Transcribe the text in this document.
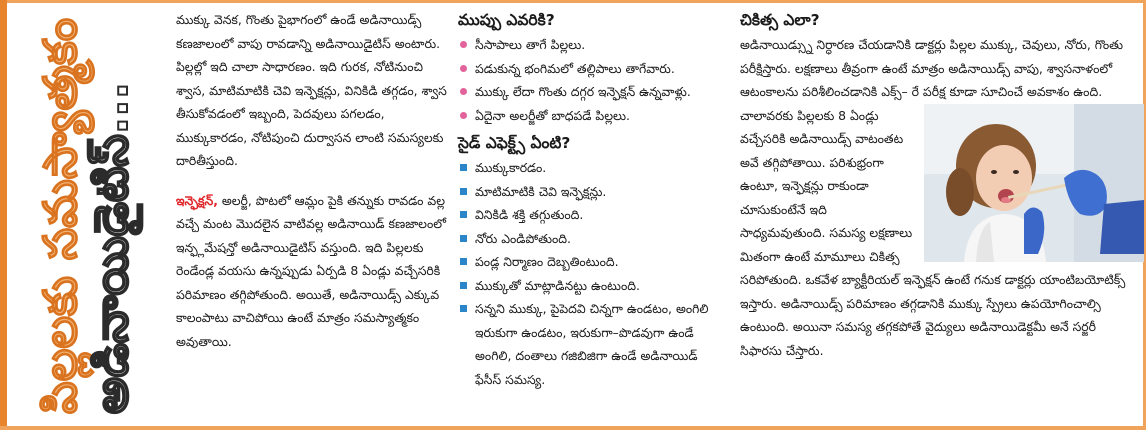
పిల్లలకు సమస్యాత్మకం
అడినాయిడైటిస్...

ముక్కు వెనక, గొంతు పైభాగంలో ఉండే అడినాయిడ్స్ కణజాలంలో వాపు రావడాన్ని అడినాయిడైటిస్ అంటారు. పిల్లల్లో ఇది చాలా సాధారణం. ఇది గురక, నోటినుంచి శ్వాస, మాటిమాటికి చెవి ఇన్ఫెక్షన్లు, వినికిడి తగ్గడం, శ్వాస తీసుకోవడంలో ఇబ్బంది, పెదవులు పగలడం, ముక్కుకారడం, నోటిపుంచి దుర్వాసన లాంటి సమస్యలకు దారితీస్తుంది.

ఇన్ఫెక్షన్, అలర్జీ, పొటలో ఆమ్లం పైకి తన్నుకు రావడం వల్ల వచ్చే మంట మొదలైన వాటివల్ల అడినాయిడ్ కణజాలంలో ఇన్ఫ్లమేషన్తో అడినాయిడైటిస్ వస్తుంది. ఇది పిల్లలకు రెండేండ్ల వయసు ఉన్నప్పుడు ఏర్పడి 8 ఏండ్లు వచ్చేసరికి పరిమాణం తగ్గిపోతుంది. అయితే, అడినాయిడ్స్ ఎక్కువ కాలంపాటు వాచిపోయి ఉంటే మాత్రం సమస్యాత్మకం అవుతాయి.

ముప్పు ఎవరికి?
సీసాపాలు తాగే పిల్లలు.
పడుకున్న భంగిమలో తల్లిపాలు తాగేవారు.
ముక్కు లేదా గొంతు దగ్గర ఇన్ఫెక్షన్ ఉన్నవాళ్లు.
ఏదైనా అలర్జీతో బాధపడే పిల్లలు.
సైడ్ ఎఫెక్ట్స్ ఏంటి?
ముక్కుకారడం.
మాటిమాటికి చెవి ఇన్ఫెక్షన్లు.
వినికిడి శక్తి తగ్గుతుంది.
నోరు ఎండిపోతుంది.
పండ్ల నిర్మాణం దెబ్బతింటుంది.
ముక్కుతో మాట్లాడినట్టు ఉంటుంది.
సన్నని ముక్కు, పైపెదవి చిన్నగా ఉండటం, అంగిలి ఇరుకుగా ఉండటం, ఇరుకుగా–పొడవుగా ఉండే అంగిలి, దంతాలు గజిబిజిగా ఉండే అడినాయిడ్ ఫేసీస్ సమస్య.
చికిత్స ఎలా?

అడినాయిడ్స్ను నిర్ధారణ చేయడానికి డాక్టర్లు పిల్లల ముక్కు, చెవులు, నోరు, గొంతు పరీక్షిస్తారు. లక్షణాలు తీవ్రంగా ఉంటే మాత్రం అడినాయిడ్స్ వాపు, శ్వాసనాళంలో ఆటంకాలను పరిశీలించడానికి ఎక్స్– రే పరీక్ష కూడా సూచించే అవకాశం ఉంది.

చాలావరకు పిల్లలకు 8 ఏండ్లు వచ్చేసరికి అడినాయిడ్స్ వాటంతట అవే తగ్గిపోతాయి. పరిశుభ్రంగా ఉంటూ, ఇన్ఫెక్షన్లు రాకుండా చూసుకుంటేనే ఇది సాధ్యమవుతుంది. సమస్య లక్షణాలు మితంగా ఉంటే మామూలు చికిత్స సరిపోతుంది. ఒకవేళ బ్యాక్టీరియల్ ఇన్ఫెక్షన్ ఉంటే గనుక డాక్టర్లు యాంటిబయోటిక్స్ ఇస్తారు. అడినాయిడ్స్ పరిమాణం తగ్గడానికి ముక్కు స్ప్రేలు ఉపయోగించాల్సి ఉంటుంది. అయినా సమస్య తగ్గకపోతే వైద్యులు అడినాయిడెక్టమీ అనే సర్జరీ సిఫారసు చేస్తారు.
